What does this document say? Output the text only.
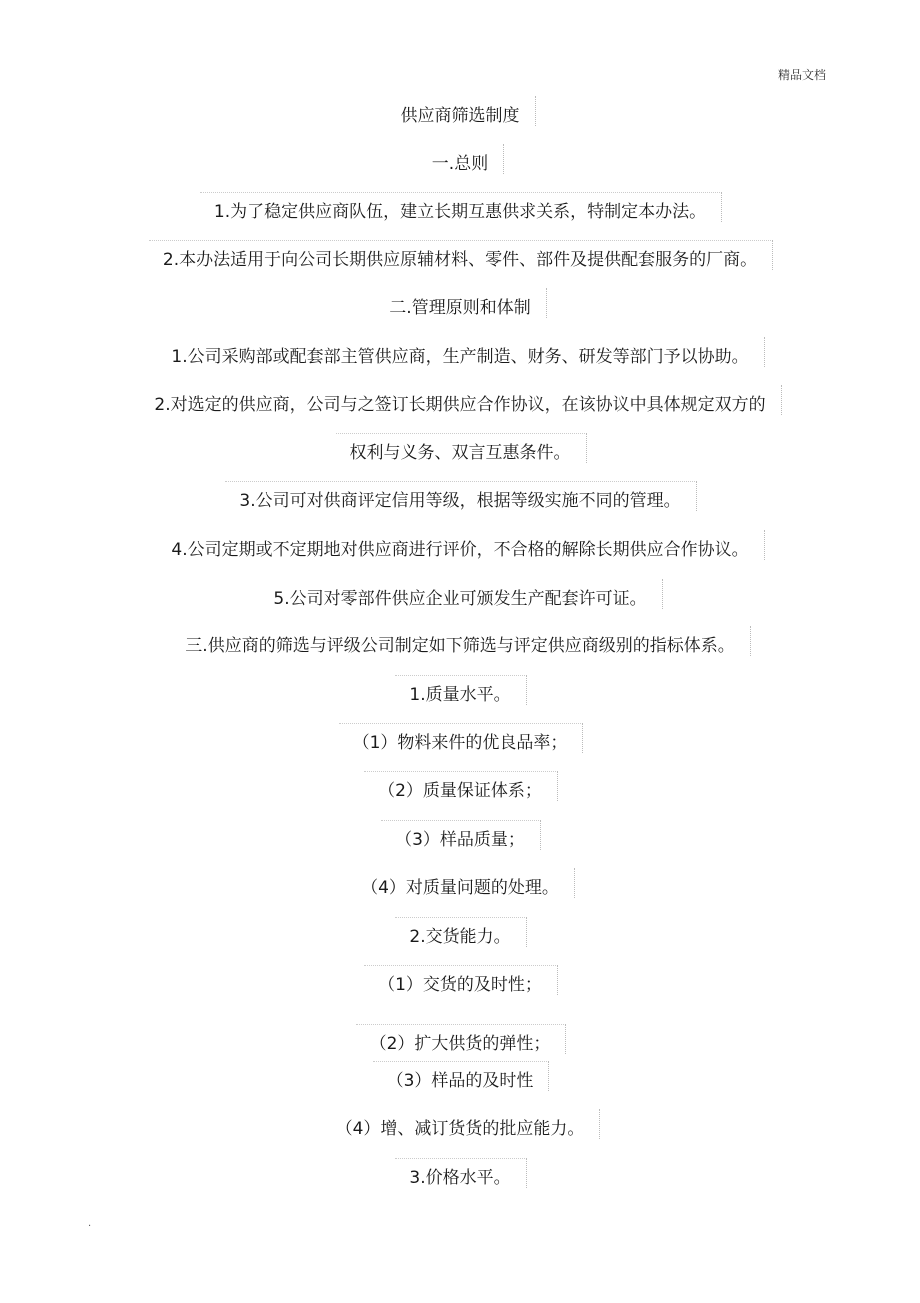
精品文档
供应商筛选制度
一.总则
1.为了稳定供应商队伍，建立长期互惠供求关系，特制定本办法。
2.本办法适用于向公司长期供应原辅材料、零件、部件及提供配套服务的厂商。
二.管理原则和体制
1.公司采购部或配套部主管供应商，生产制造、财务、研发等部门予以协助。
2.对选定的供应商，公司与之签订长期供应合作协议，在该协议中具体规定双方的
权利与义务、双言互惠条件。
3.公司可对供商评定信用等级，根据等级实施不同的管理。
4.公司定期或不定期地对供应商进行评价，不合格的解除长期供应合作协议。
5.公司对零部件供应企业可颁发生产配套许可证。
三.供应商的筛选与评级公司制定如下筛选与评定供应商级别的指标体系。
1.质量水平。
（1）物料来件的优良品率；
（2）质量保证体系；
（3）样品质量；
（4）对质量问题的处理。
2.交货能力。
（1）交货的及时性；
（2）扩大供货的弹性；
（3）样品的及时性
（4）增、减订货货的批应能力。
3.价格水平。
.
